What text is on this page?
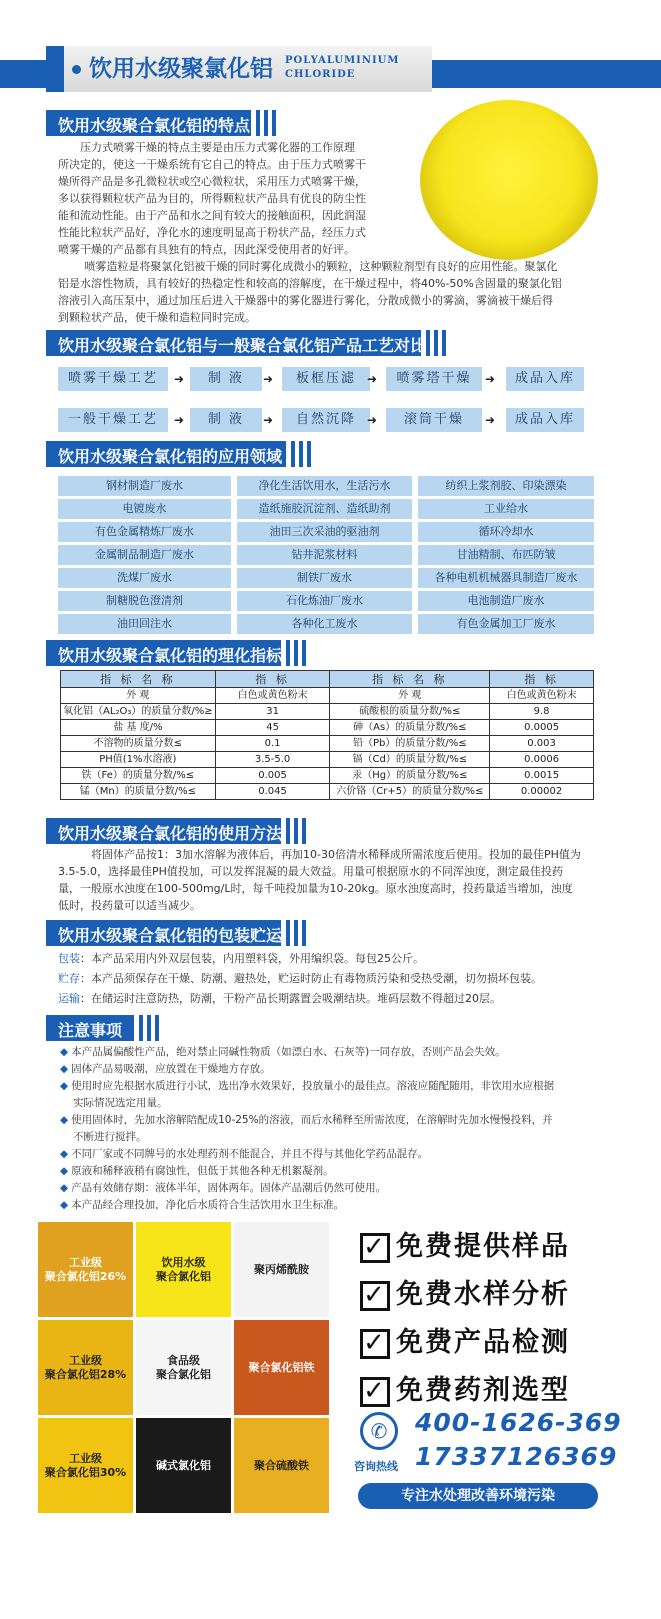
饮用水级聚氯化铝 POLYALUMINIUM
CHLORIDE
饮用水级聚合氯化铝的特点
压力式喷雾干燥的特点主要是由压力式雾化器的工作原理
所决定的，使这一干燥系统有它自己的特点。由于压力式喷雾干
燥所得产品是多孔微粒状或空心微粒状，采用压力式喷雾干燥，
多以获得颗粒状产品为目的，所得颗粒状产品具有优良的防尘性
能和流动性能。由于产品和水之间有较大的接触面积，因此润湿
性能比粒状产品好，净化水的速度明显高于粉状产品，经压力式
喷雾干燥的产品都有具独有的特点，因此深受使用者的好评。
喷雾造粒是将聚氯化铝被干燥的同时雾化成微小的颗粒，这种颗粒剂型有良好的应用性能。聚氯化
铝是水溶性物质，具有较好的热稳定性和较高的溶解度，在干燥过程中，将40%-50%含固量的聚氯化铝
溶液引入高压泵中，通过加压后进入干燥器中的雾化器进行雾化，分散成微小的雾滴，雾滴被干燥后得
到颗粒状产品，使干燥和造粒同时完成。
饮用水级聚合氯化铝与一般聚合氯化铝产品工艺对比
饮用水级聚合氯化铝的应用领域
饮用水级聚合氯化铝的理化指标
指 标 名 称	指 标	指 标 名 称	指 标
外 观	白色或黄色粉末	外 观	白色或黄色粉末
氧化铝（AL₂O₃）的质量分数/%≥	31	硫酸根的质量分数/%≤	9.8
盐 基 度/%	45	砷（As）的质量分数/%≤	0.0005
不溶物的质量分数≤	0.1	铅（Pb）的质量分数/%≤	0.003
PH值(1%水溶液)	3.5-5.0	镉（Cd）的质量分数/%≤	0.0006
铁（Fe）的质量分数/%≤	0.005	汞（Hg）的质量分数/%≤	0.0015
锰（Mn）的质量分数/%≤	0.045	六价铬（Cr+5）的质量分数/%≤	0.00002
饮用水级聚合氯化铝的使用方法
将固体产品按1：3加水溶解为液体后，再加10-30倍清水稀释成所需浓度后使用。投加的最佳PH值为
3.5-5.0，选择最佳PH值投加，可以发挥混凝的最大效益。用量可根据原水的不同浑浊度，测定最佳投药
量，一般原水浊度在100-500mg/L时，每千吨投加量为10-20kg。原水浊度高时，投药量适当增加，浊度
低时，投药量可以适当减少。
饮用水级聚合氯化铝的包装贮运
注意事项
✆
咨询热线
400-1626-369
17337126369
专注水处理改善环境污染
喷雾干燥工艺	制 液	板框压滤	喷雾塔干燥	成品入库
➜	➜	➜	➜
一般干燥工艺	制 液	自然沉降	滚筒干燥	成品入库
➜	➜	➜	➜
钢材制造厂废水	净化生活饮用水，生活污水	纺织上浆剂胶、印染漂染
电镀废水	造纸施胶沉淀剂、造纸助剂	工业给水
有色金属精炼厂废水	油田三次采油的驱油剂	循环冷却水
金属制品制造厂废水	钻井泥浆材料	甘油精制、布匹防皱
洗煤厂废水	制铁厂废水	各种电机机械器具制造厂废水
制糖脱色澄清剂	石化炼油厂废水	电池制造厂废水
油田回注水	各种化工废水	有色金属加工厂废水
包装：本产品采用内外双层包装，内用塑料袋，外用编织袋。每包25公斤。
贮存：本产品须保存在干燥、防潮、避热处，贮运时防止有毒物质污染和受热受潮，切勿损坏包装。
运输：在储运时注意防热，防潮，干粉产品长期露置会吸潮结块。堆码层数不得超过20层。
◆ 本产品属偏酸性产品，绝对禁止同碱性物质（如漂白水、石灰等)一同存放，否则产品会失效。
◆ 固体产品易吸潮，应放置在干燥地方存放。
◆ 使用时应先根据水质进行小试，选出净水效果好，投放量小的最佳点。溶液应随配随用，非饮用水应根据
实际情况选定用量。
◆ 使用固体时，先加水溶解陪配成10-25%的溶液，而后水稀释至所需浓度，在溶解时先加水慢慢投料，并
不断进行搅拌。
◆ 不同厂家或不同牌号的水处理药剂不能混合，并且不得与其他化学药品混存。
◆ 原液和稀释液稍有腐蚀性，但低于其他各种无机絮凝剂。
◆ 产品有效储存期：液体半年，固体两年。固体产品潮后仍然可使用。
◆ 本产品经合理投加，净化后水质符合生活饮用水卫生标准。
工业级
聚合氯化铝26%
饮用水级
聚合氯化铝
聚丙烯酰胺
工业级
聚合氯化铝28%
食品级
聚合氯化铝
聚合氯化铝铁
工业级
聚合氯化铝30%
碱式氯化铝	聚合硫酸铁
✓ 免费提供样品
✓ 免费水样分析
✓ 免费产品检测
✓ 免费药剂选型
